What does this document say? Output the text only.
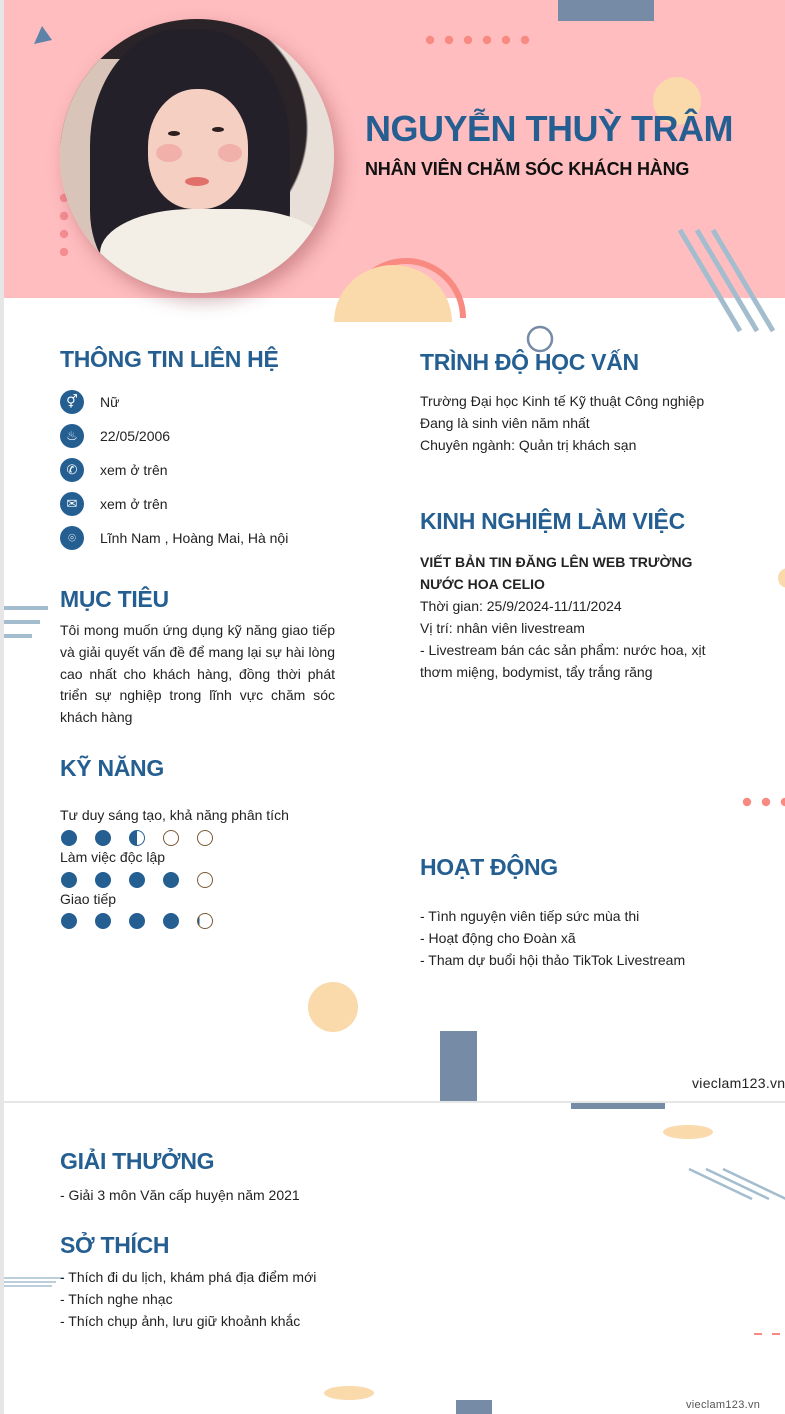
NGUYỄN THUỲ TRÂM
NHÂN VIÊN CHĂM SÓC KHÁCH HÀNG
THÔNG TIN LIÊN HỆ
⚥	Nữ
♨	22/05/2006
✆	xem ở trên
✉	xem ở trên
⌾	Lĩnh Nam , Hoàng Mai, Hà nội
MỤC TIÊU
Tôi mong muốn ứng dụng kỹ năng giao tiếp và giải quyết vấn đề để mang lại sự hài lòng cao nhất cho khách hàng, đồng thời phát triển sự nghiệp trong lĩnh vực chăm sóc khách hàng
KỸ NĂNG
Tư duy sáng tạo, khả năng phân tích
Làm việc độc lập
Giao tiếp
TRÌNH ĐỘ HỌC VẤN
Trường Đại học Kinh tế Kỹ thuật Công nghiệp
Đang là sinh viên năm nhất
Chuyên ngành: Quản trị khách sạn
KINH NGHIỆM LÀM VIỆC
VIẾT BẢN TIN ĐĂNG LÊN WEB TRƯỜNG
NƯỚC HOA CELIO
Thời gian: 25/9/2024-11/11/2024
Vị trí: nhân viên livestream
- Livestream bán các sản phẩm: nước hoa, xịt
thơm miệng, bodymist, tẩy trắng răng
HOẠT ĐỘNG
- Tình nguyện viên tiếp sức mùa thi
- Hoạt động cho Đoàn xã
- Tham dự buổi hội thảo TikTok Livestream
vieclam123.vn
GIẢI THƯỞNG
- Giải 3 môn Văn cấp huyện năm 2021
SỞ THÍCH
- Thích đi du lịch, khám phá địa điểm mới
- Thích nghe nhạc
- Thích chụp ảnh, lưu giữ khoảnh khắc
vieclam123.vn
